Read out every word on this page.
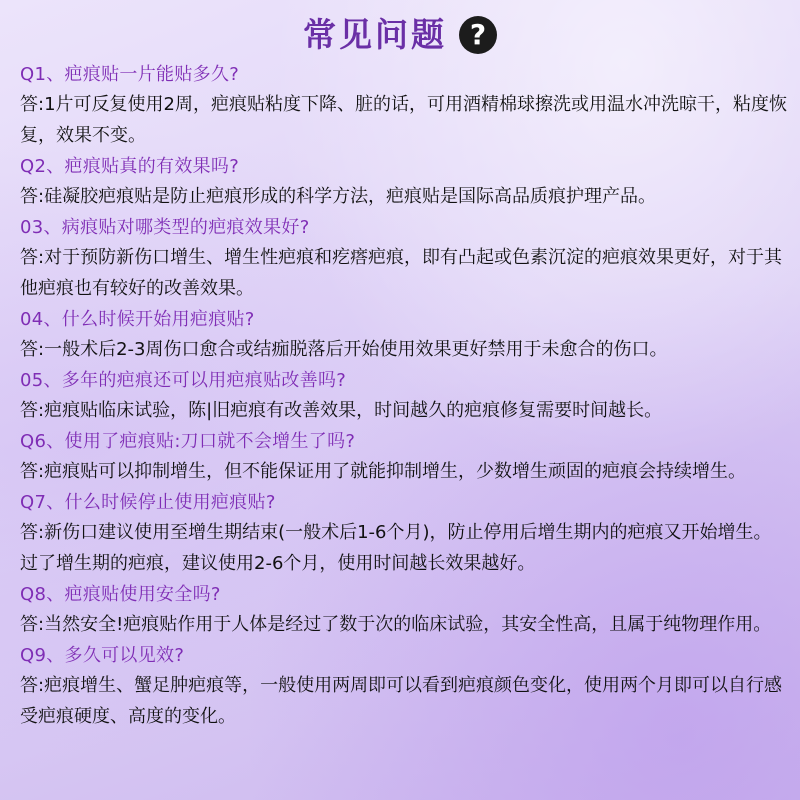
常见问题 ?
Q1、疤痕贴一片能贴多久?
答:1片可反复使用2周，疤痕贴粘度下降、脏的话，可用酒精棉球擦洗或用温水冲洗晾干，粘度恢复，效果不变。
Q2、疤痕贴真的有效果吗?
答:硅凝胶疤痕贴是防止疤痕形成的科学方法，疤痕贴是国际高品质痕护理产品。
03、病痕贴对哪类型的疤痕效果好?
答:对于预防新伤口增生、增生性疤痕和疙瘩疤痕，即有凸起或色素沉淀的疤痕效果更好，对于其他疤痕也有较好的改善效果。
04、什么时候开始用疤痕贴?
答:一般术后2-3周伤口愈合或结痂脱落后开始使用效果更好禁用于未愈合的伤口。
05、多年的疤痕还可以用疤痕贴改善吗?
答:疤痕贴临床试验，陈|旧疤痕有改善效果，时间越久的疤痕修复需要时间越长。
Q6、使用了疤痕贴:刀口就不会增生了吗?
答:疤痕贴可以抑制增生，但不能保证用了就能抑制增生，少数增生顽固的疤痕会持续增生。
Q7、什么时候停止使用疤痕贴?
答:新伤口建议使用至增生期结束(一般术后1-6个月)，防止停用后增生期内的疤痕又开始增生。过了增生期的疤痕，建议使用2-6个月，使用时间越长效果越好。
Q8、疤痕贴使用安全吗?
答:当然安全!疤痕贴作用于人体是经过了数于次的临床试验，其安全性高，且属于纯物理作用。
Q9、多久可以见效?
答:疤痕增生、蟹足肿疤痕等，一般使用两周即可以看到疤痕颜色变化，使用两个月即可以自行感受疤痕硬度、高度的变化。
